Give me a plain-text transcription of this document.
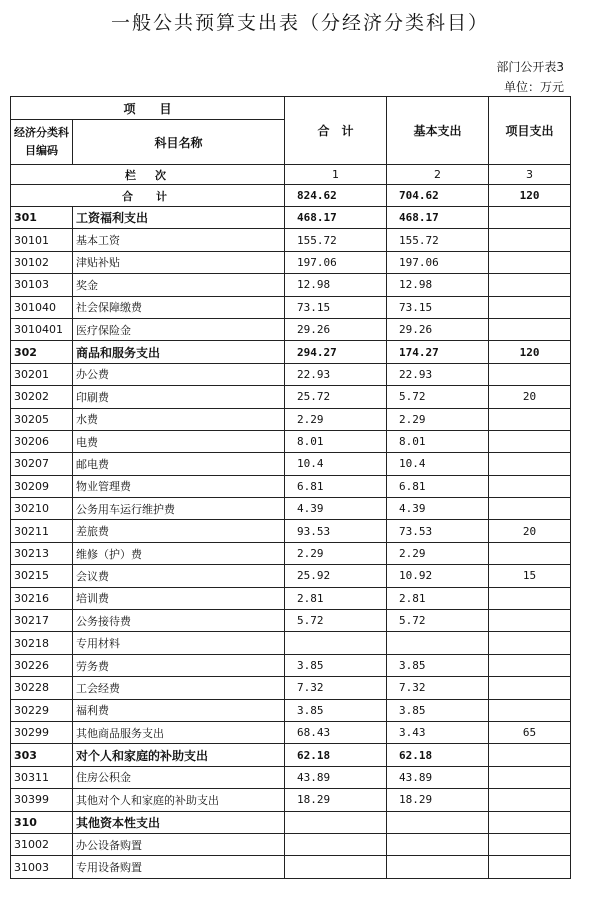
一般公共预算支出表（分经济分类科目）
部门公开表3
单位：万元
项　　目		合　计	基本支出	项目支出
经济分类科目编码	科目名称			
栏　次		1	2	3
合　计		824.62	704.62	120
301	工资福利支出	468.17	468.17	
30101	基本工资	155.72	155.72	
30102	津贴补贴	197.06	197.06	
30103	奖金	12.98	12.98	
301040	社会保障缴费	73.15	73.15	
3010401	医疗保险金	29.26	29.26	
302	商品和服务支出	294.27	174.27	120
30201	办公费	22.93	22.93	
30202	印刷费	25.72	5.72	20
30205	水费	2.29	2.29	
30206	电费	8.01	8.01	
30207	邮电费	10.4	10.4	
30209	物业管理费	6.81	6.81	
30210	公务用车运行维护费	4.39	4.39	
30211	差旅费	93.53	73.53	20
30213	维修（护）费	2.29	2.29	
30215	会议费	25.92	10.92	15
30216	培训费	2.81	2.81	
30217	公务接待费	5.72	5.72	
30218	专用材料			
30226	劳务费	3.85	3.85	
30228	工会经费	7.32	7.32	
30229	福利费	3.85	3.85	
30299	其他商品服务支出	68.43	3.43	65
303	对个人和家庭的补助支出	62.18	62.18	
30311	住房公积金	43.89	43.89	
30399	其他对个人和家庭的补助支出	18.29	18.29	
310	其他资本性支出			
31002	办公设备购置			
31003	专用设备购置			
